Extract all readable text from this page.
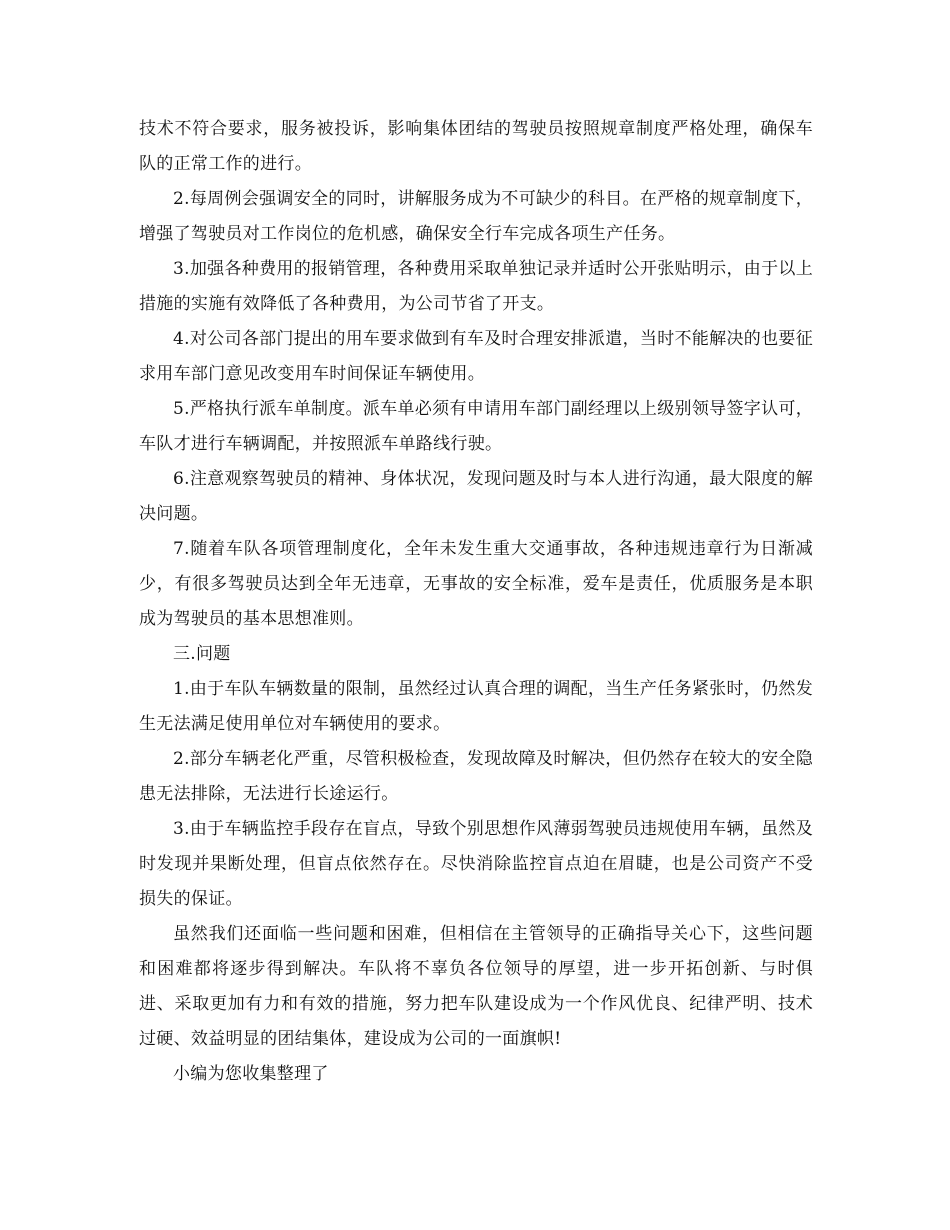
技术不符合要求，服务被投诉，影响集体团结的驾驶员按照规章制度严格处理，确保车队的正常工作的进行。

2.每周例会强调安全的同时，讲解服务成为不可缺少的科目。在严格的规章制度下，增强了驾驶员对工作岗位的危机感，确保安全行车完成各项生产任务。

3.加强各种费用的报销管理，各种费用采取单独记录并适时公开张贴明示，由于以上措施的实施有效降低了各种费用，为公司节省了开支。

4.对公司各部门提出的用车要求做到有车及时合理安排派遣，当时不能解决的也要征求用车部门意见改变用车时间保证车辆使用。

5.严格执行派车单制度。派车单必须有申请用车部门副经理以上级别领导签字认可，车队才进行车辆调配，并按照派车单路线行驶。

6.注意观察驾驶员的精神、身体状况，发现问题及时与本人进行沟通，最大限度的解决问题。

7.随着车队各项管理制度化，全年未发生重大交通事故，各种违规违章行为日渐减少，有很多驾驶员达到全年无违章，无事故的安全标准，爱车是责任，优质服务是本职成为驾驶员的基本思想准则。

三.问题

1.由于车队车辆数量的限制，虽然经过认真合理的调配，当生产任务紧张时，仍然发生无法满足使用单位对车辆使用的要求。

2.部分车辆老化严重，尽管积极检查，发现故障及时解决，但仍然存在较大的安全隐患无法排除，无法进行长途运行。

3.由于车辆监控手段存在盲点，导致个别思想作风薄弱驾驶员违规使用车辆，虽然及时发现并果断处理，但盲点依然存在。尽快消除监控盲点迫在眉睫，也是公司资产不受损失的保证。

虽然我们还面临一些问题和困难，但相信在主管领导的正确指导关心下，这些问题和困难都将逐步得到解决。车队将不辜负各位领导的厚望，进一步开拓创新、与时俱进、采取更加有力和有效的措施，努力把车队建设成为一个作风优良、纪律严明、技术过硬、效益明显的团结集体，建设成为公司的一面旗帜!

小编为您收集整理了
